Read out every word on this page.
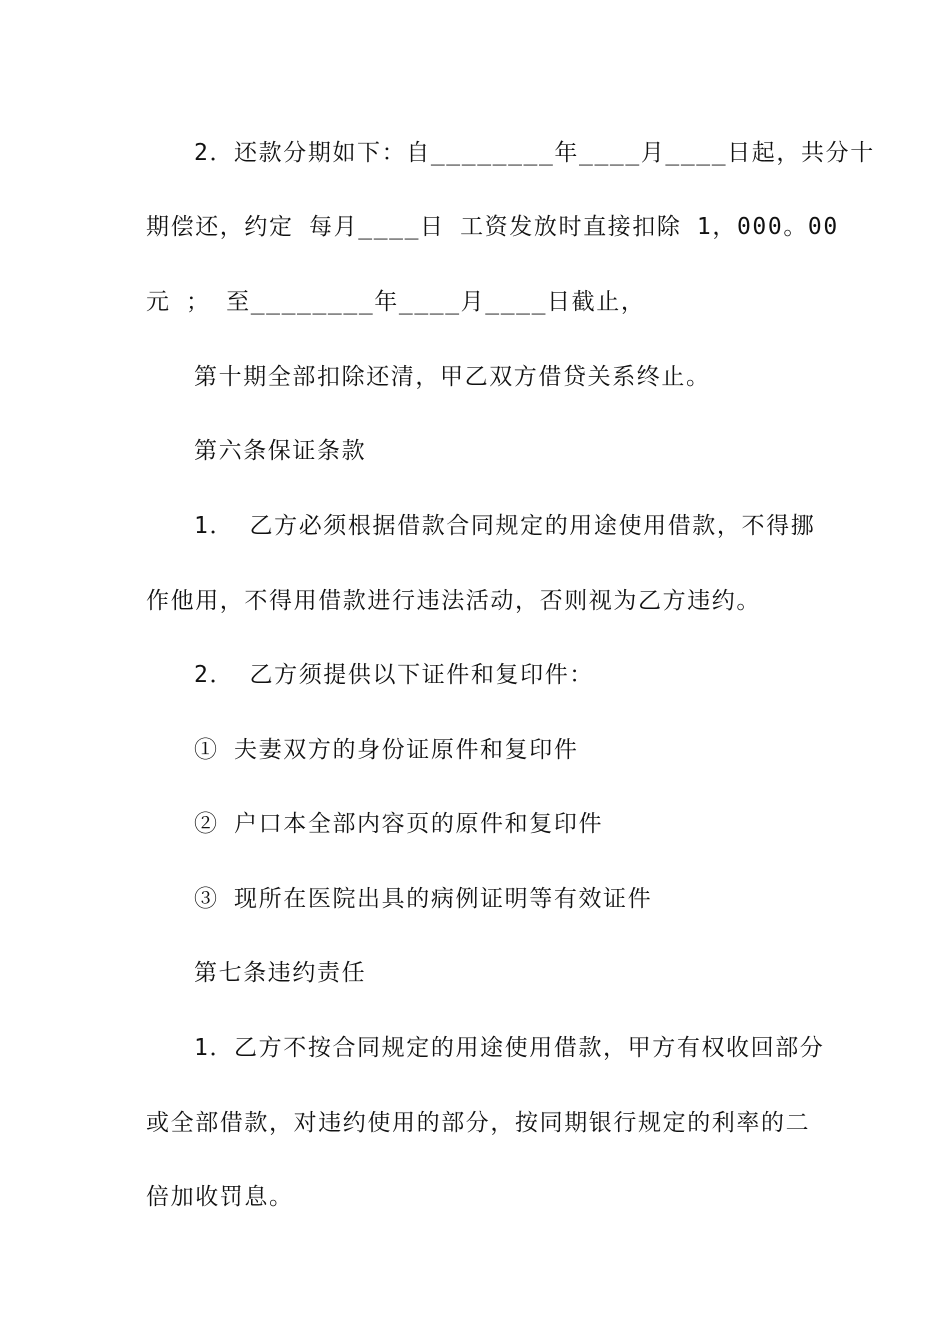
2．还款分期如下：自________年____月____日起，共分十
期偿还，约定 每月____日 工资发放时直接扣除 1，000。00
元 ； 至________年____月____日截止，
第十期全部扣除还清，甲乙双方借贷关系终止。
第六条保证条款
1． 乙方必须根据借款合同规定的用途使用借款，不得挪
作他用，不得用借款进行违法活动，否则视为乙方违约。
2． 乙方须提供以下证件和复印件：
① 夫妻双方的身份证原件和复印件
② 户口本全部内容页的原件和复印件
③ 现所在医院出具的病例证明等有效证件
第七条违约责任
1．乙方不按合同规定的用途使用借款，甲方有权收回部分
或全部借款，对违约使用的部分，按同期银行规定的利率的二
倍加收罚息。
